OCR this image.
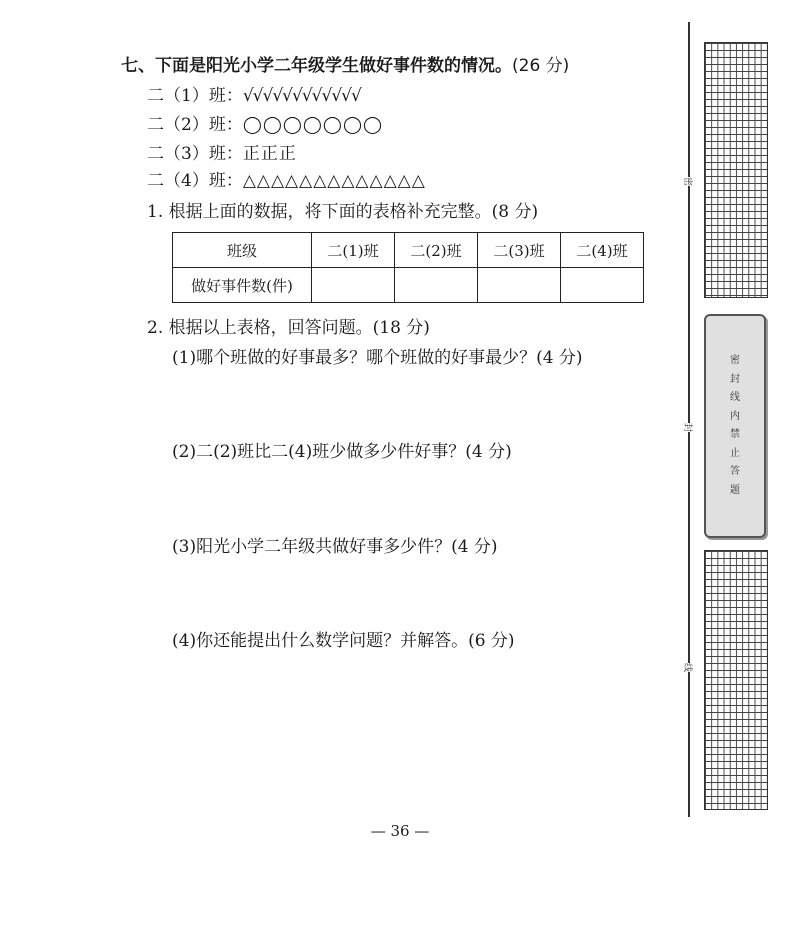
七、下面是阳光小学二年级学生做好事件数的情况。(26 分)
二（1）班：√√√√√√√√√√√√
二（2）班：◯◯◯◯◯◯◯
二（3）班：正正正
二（4）班：△△△△△△△△△△△△△
1. 根据上面的数据，将下面的表格补充完整。(8 分)
班级	二(1)班	二(2)班	二(3)班	二(4)班
做好事件数(件)				
2. 根据以上表格，回答问题。(18 分)
(1)哪个班做的好事最多？哪个班做的好事最少？(4 分)
(2)二(2)班比二(4)班少做多少件好事？(4 分)
(3)阳光小学二年级共做好事多少件？(4 分)
(4)你还能提出什么数学问题？并解答。(6 分)
— 36 —
密
封
线
内
禁
止
答
题
密
封
线
